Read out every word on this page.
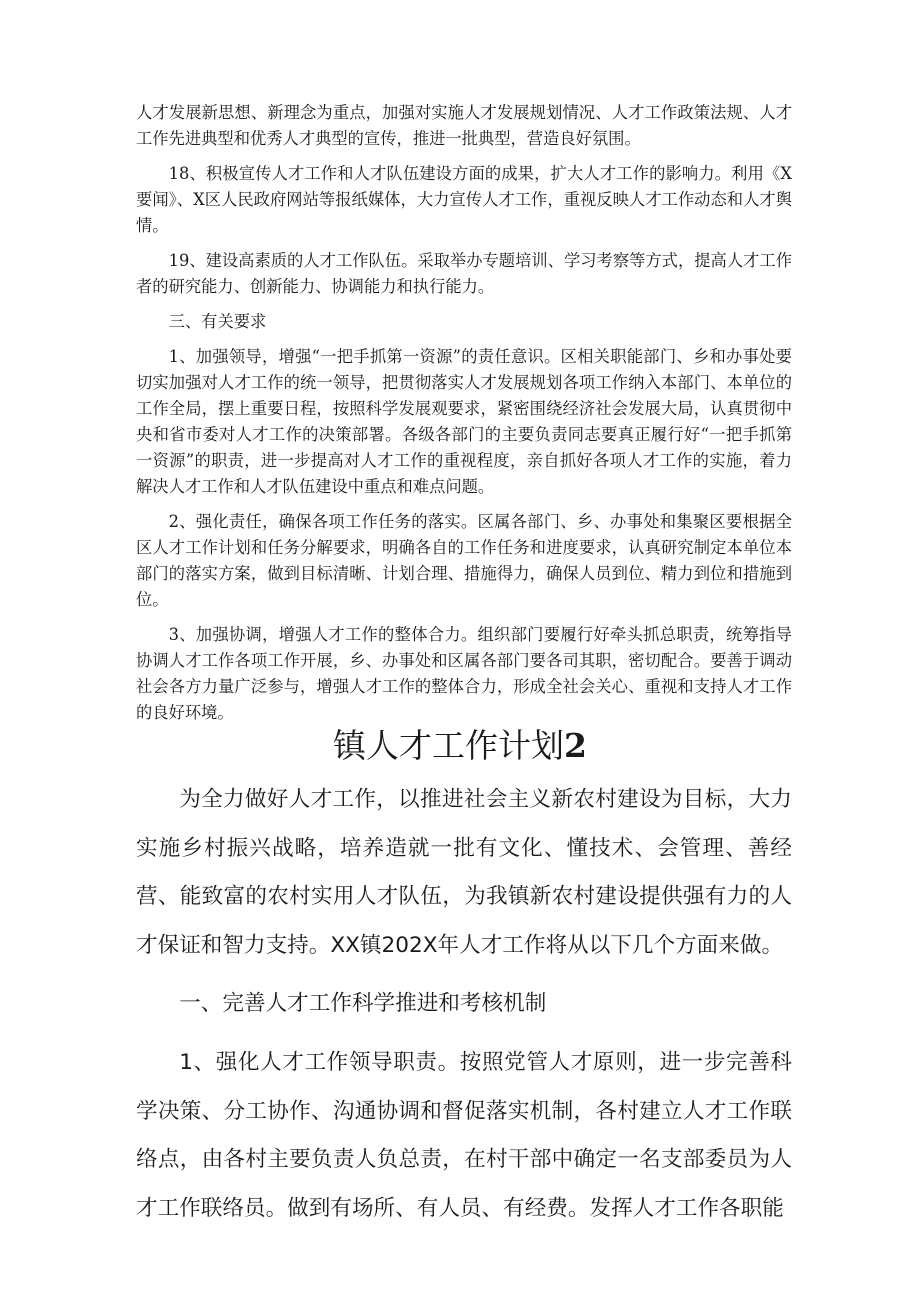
人才发展新思想、新理念为重点，加强对实施人才发展规划情况、人才工作政策法规、人才工作先进典型和优秀人才典型的宣传，推进一批典型，营造良好氛围。

18、积极宣传人才工作和人才队伍建设方面的成果，扩大人才工作的影响力。利用《X要闻》、X区人民政府网站等报纸媒体，大力宣传人才工作，重视反映人才工作动态和人才舆情。

19、建设高素质的人才工作队伍。采取举办专题培训、学习考察等方式，提高人才工作者的研究能力、创新能力、协调能力和执行能力。

三、有关要求

1、加强领导，增强“一把手抓第一资源”的责任意识。区相关职能部门、乡和办事处要切实加强对人才工作的统一领导，把贯彻落实人才发展规划各项工作纳入本部门、本单位的工作全局，摆上重要日程，按照科学发展观要求，紧密围绕经济社会发展大局，认真贯彻中央和省市委对人才工作的决策部署。各级各部门的主要负责同志要真正履行好“一把手抓第一资源”的职责，进一步提高对人才工作的重视程度，亲自抓好各项人才工作的实施，着力解决人才工作和人才队伍建设中重点和难点问题。

2、强化责任，确保各项工作任务的落实。区属各部门、乡、办事处和集聚区要根据全区人才工作计划和任务分解要求，明确各自的工作任务和进度要求，认真研究制定本单位本部门的落实方案，做到目标清晰、计划合理、措施得力，确保人员到位、精力到位和措施到位。

3、加强协调，增强人才工作的整体合力。组织部门要履行好牵头抓总职责，统筹指导协调人才工作各项工作开展，乡、办事处和区属各部门要各司其职，密切配合。要善于调动社会各方力量广泛参与，增强人才工作的整体合力，形成全社会关心、重视和支持人才工作的良好环境。

镇人才工作计划2

为全力做好人才工作，以推进社会主义新农村建设为目标，大力实施乡村振兴战略，培养造就一批有文化、懂技术、会管理、善经营、能致富的农村实用人才队伍，为我镇新农村建设提供强有力的人才保证和智力支持。XX镇202X年人才工作将从以下几个方面来做。

一、完善人才工作科学推进和考核机制

1、强化人才工作领导职责。按照党管人才原则，进一步完善科学决策、分工协作、沟通协调和督促落实机制，各村建立人才工作联络点，由各村主要负责人负总责，在村干部中确定一名支部委员为人才工作联络员。做到有场所、有人员、有经费。发挥人才工作各职能
